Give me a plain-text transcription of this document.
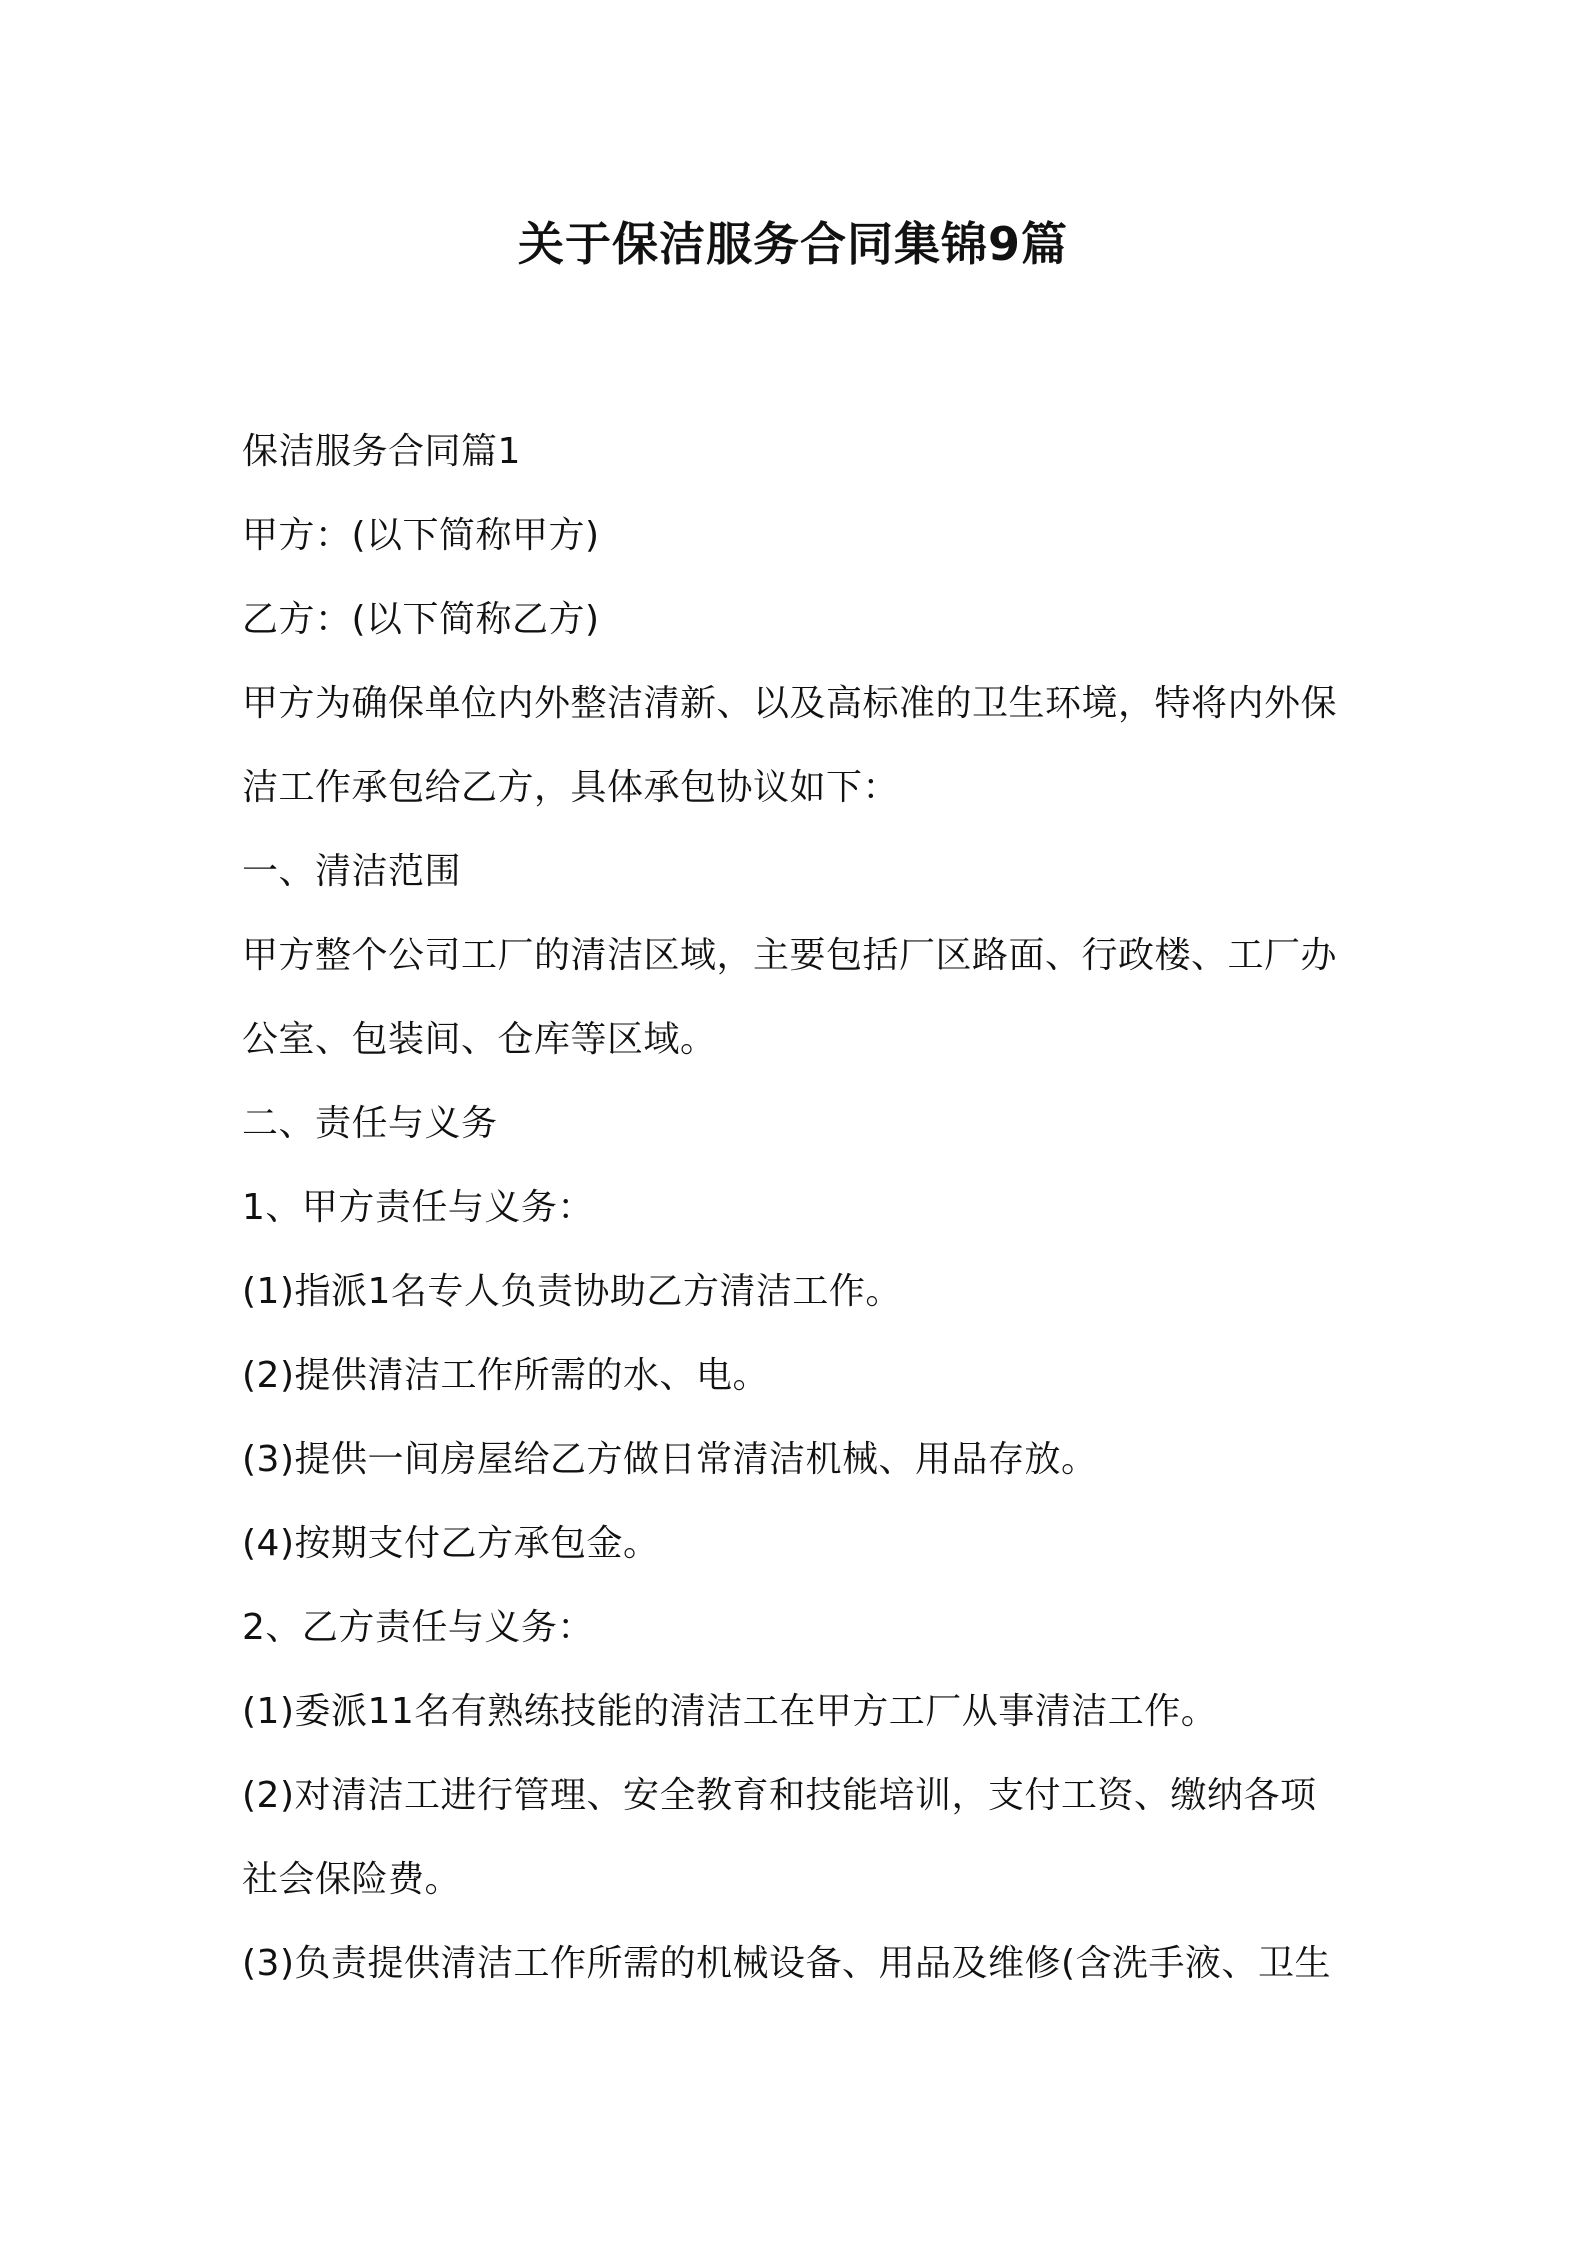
关于保洁服务合同集锦9篇
保洁服务合同篇1
甲方：(以下简称甲方)
乙方：(以下简称乙方)
甲方为确保单位内外整洁清新、以及高标准的卫生环境，特将内外保
洁工作承包给乙方，具体承包协议如下：
一、清洁范围
甲方整个公司工厂的清洁区域，主要包括厂区路面、行政楼、工厂办
公室、包装间、仓库等区域。
二、责任与义务
1、甲方责任与义务：
(1)指派1名专人负责协助乙方清洁工作。
(2)提供清洁工作所需的水、电。
(3)提供一间房屋给乙方做日常清洁机械、用品存放。
(4)按期支付乙方承包金。
2、乙方责任与义务：
(1)委派11名有熟练技能的清洁工在甲方工厂从事清洁工作。
(2)对清洁工进行管理、安全教育和技能培训，支付工资、缴纳各项
社会保险费。
(3)负责提供清洁工作所需的机械设备、用品及维修(含洗手液、卫生
